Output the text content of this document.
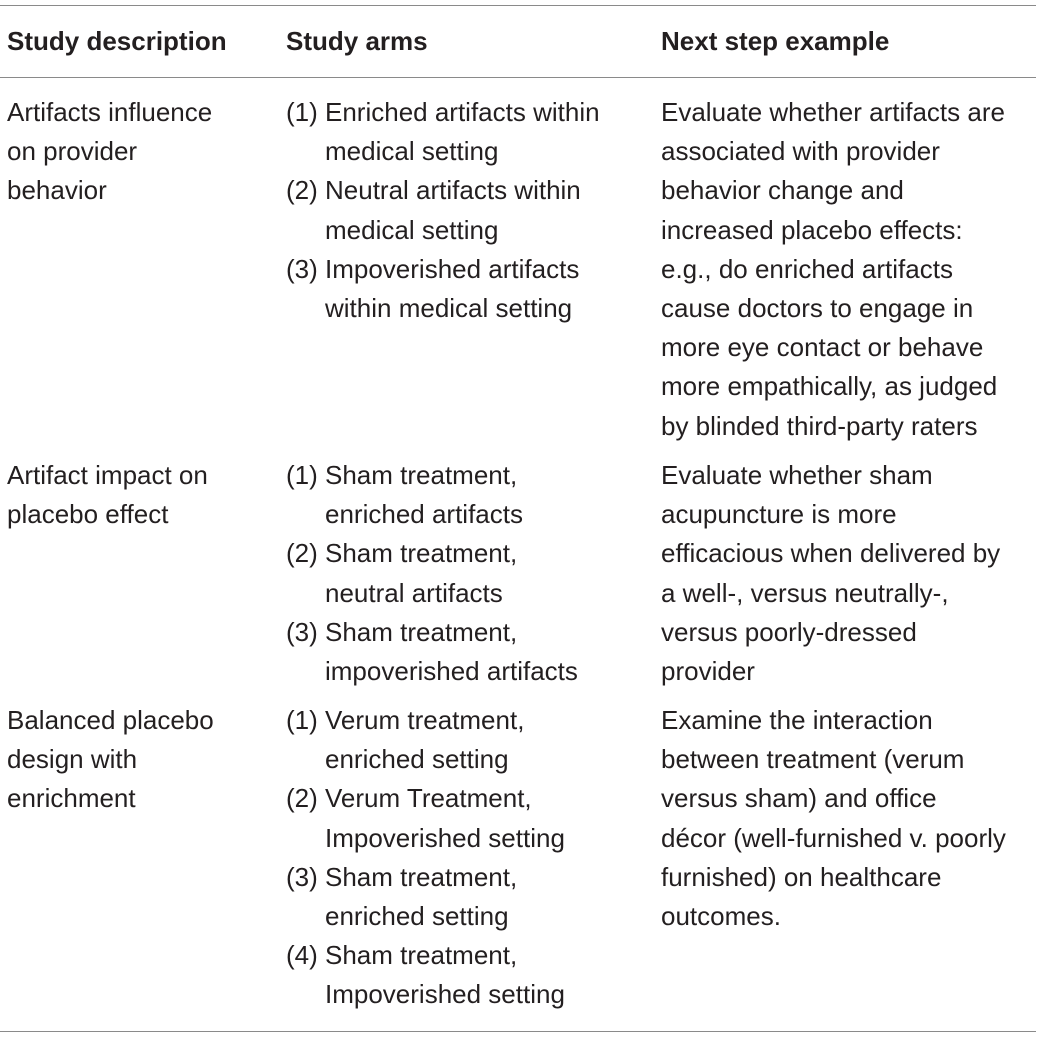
Study description Study arms	Next step example
Artifacts influence
on provider
behavior
(1) Enriched artifacts within
medical setting
(2) Neutral artifacts within
medical setting
(3) Impoverished artifacts
within medical setting
Evaluate whether artifacts are
associated with provider
behavior change and
increased placebo effects:
e.g., do enriched artifacts
cause doctors to engage in
more eye contact or behave
more empathically, as judged
by blinded third-party raters
Artifact impact on
placebo effect
(1) Sham treatment,
enriched artifacts
(2) Sham treatment,
neutral artifacts
(3) Sham treatment,
impoverished artifacts
Evaluate whether sham
acupuncture is more
efficacious when delivered by
a well-, versus neutrally-,
versus poorly-dressed
provider
Balanced placebo
design with
enrichment
(1) Verum treatment,
enriched setting
(2) Verum Treatment,
Impoverished setting
(3) Sham treatment,
enriched setting
(4) Sham treatment,
Impoverished setting
Examine the interaction
between treatment (verum
versus sham) and office
décor (well-furnished v. poorly
furnished) on healthcare
outcomes.
